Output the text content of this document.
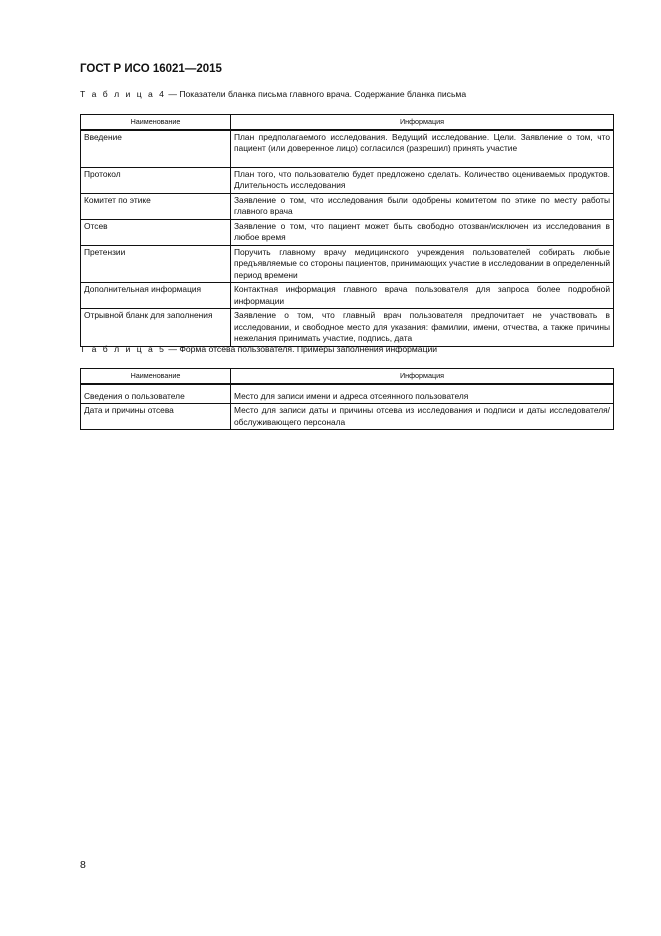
ГОСТ Р ИСО 16021—2015
Т а б л и ц а 4 — Показатели бланка письма главного врача. Содержание бланка письма
Наименование	Информация
Введение	План предполагаемого исследования. Ведущий исследование. Цели. Заявление о том, что пациент (или доверенное лицо) согласился (разрешил) принять участие
Протокол	План того, что пользователю будет предложено сделать. Количество оцениваемых продуктов. Длительность исследования
Комитет по этике	Заявление о том, что исследования были одобрены комитетом по этике по месту работы главного врача
Отсев	Заявление о том, что пациент может быть свободно отозван/исключен из исследования в любое время
Претензии	Поручить главному врачу медицинского учреждения пользователей собирать любые предъявляемые со стороны пациентов, принимающих участие в исследовании в определенный период времени
Дополнительная информация	Контактная информация главного врача пользователя для запроса более подробной информации
Отрывной бланк для заполнения	Заявление о том, что главный врач пользователя предпочитает не участвовать в исследовании, и свободное место для указания: фамилии, имени, отчества, а также причины нежелания принимать участие, подпись, дата
Т а б л и ц а 5 — Форма отсева пользователя. Примеры заполнения информации
Наименование	Информация
Сведения о пользователе	Место для записи имени и адреса отсеянного пользователя
Дата и причины отсева	Место для записи даты и причины отсева из исследования и подписи и даты исследователя/обслуживающего персонала
8
